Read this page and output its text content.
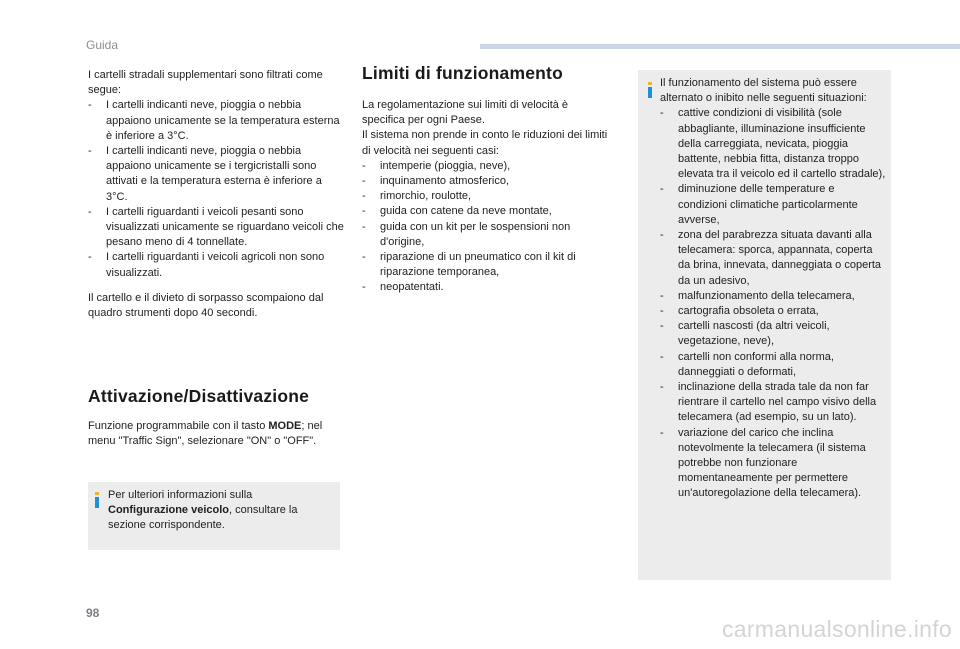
Guida

I cartelli stradali supplementari sono filtrati come segue:

- I cartelli indicanti neve, pioggia o nebbia appaiono unicamente se la temperatura esterna è inferiore a 3°C.
- I cartelli indicanti neve, pioggia o nebbia appaiono unicamente se i tergicristalli sono attivati e la temperatura esterna è inferiore a 3°C.
- I cartelli riguardanti i veicoli pesanti sono visualizzati unicamente se riguardano veicoli che pesano meno di 4 tonnellate.
- I cartelli riguardanti i veicoli agricoli non sono visualizzati.

Il cartello e il divieto di sorpasso scompaiono dal quadro strumenti dopo 40 secondi.

Attivazione/Disattivazione
Funzione programmabile con il tasto MODE; nel menu "Traffic Sign", selezionare "ON" o "OFF".
Per ulteriori informazioni sulla Configurazione veicolo, consultare la sezione corrispondente.
Limiti di funzionamento

La regolamentazione sui limiti di velocità è specifica per ogni Paese.

Il sistema non prende in conto le riduzioni dei limiti di velocità nei seguenti casi:

- intemperie (pioggia, neve),
- inquinamento atmosferico,
- rimorchio, roulotte,
- guida con catene da neve montate,
- guida con un kit per le sospensioni non d'origine,
- riparazione di un pneumatico con il kit di riparazione temporanea,
- neopatentati.

Il funzionamento del sistema può essere alternato o inibito nelle seguenti situazioni:

- cattive condizioni di visibilità (sole abbagliante, illuminazione insufficiente della carreggiata, nevicata, pioggia battente, nebbia fitta, distanza troppo elevata tra il veicolo ed il cartello stradale),
- diminuzione delle temperature e condizioni climatiche particolarmente avverse,
- zona del parabrezza situata davanti alla telecamera: sporca, appannata, coperta da brina, innevata, danneggiata o coperta da un adesivo,
- malfunzionamento della telecamera,
- cartografia obsoleta o errata,
- cartelli nascosti (da altri veicoli, vegetazione, neve),
- cartelli non conformi alla norma, danneggiati o deformati,
- inclinazione della strada tale da non far rientrare il cartello nel campo visivo della telecamera (ad esempio, su un lato).
- variazione del carico che inclina notevolmente la telecamera (il sistema potrebbe non funzionare momentaneamente per permettere un'autoregolazione della telecamera).
98
carmanualsonline.info
